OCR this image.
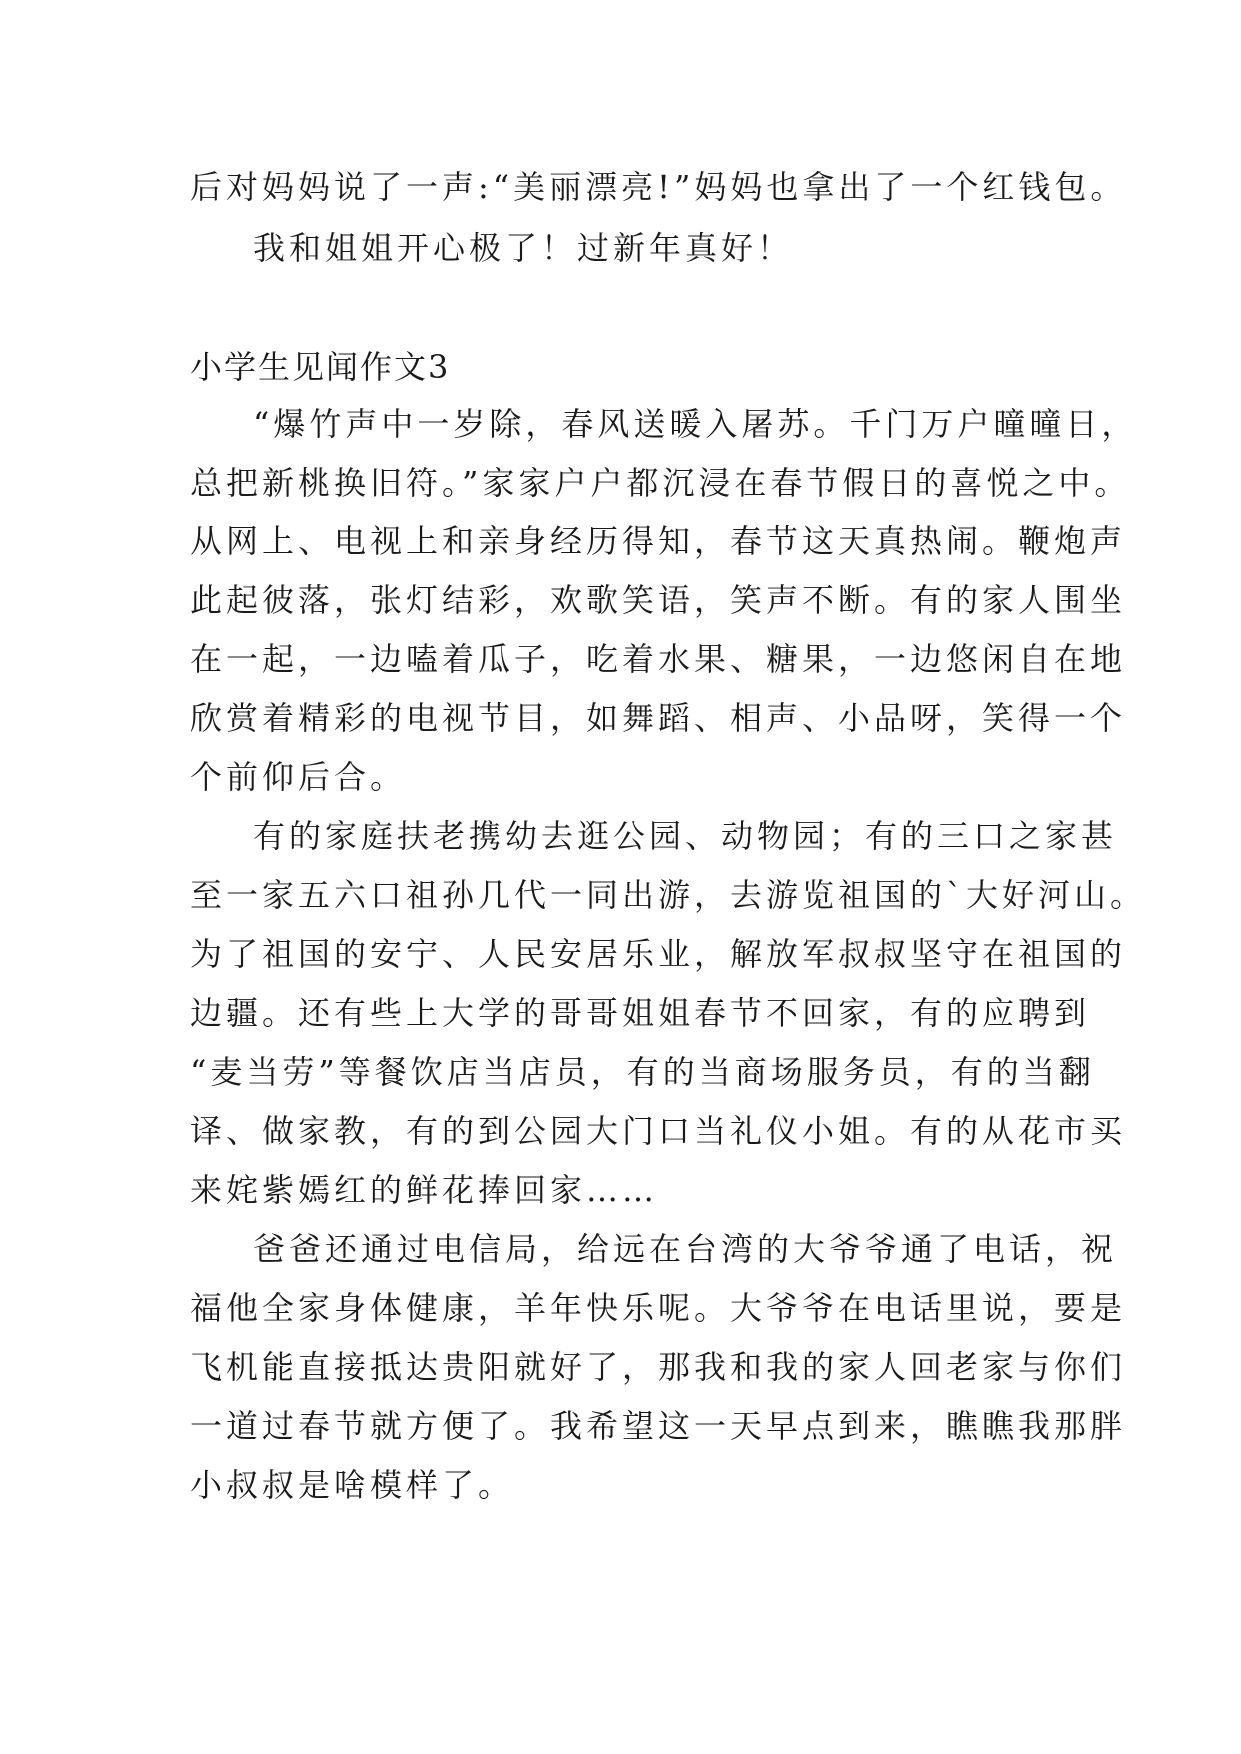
后对妈妈说了一声:“美丽漂亮!”妈妈也拿出了一个红钱包。
我和姐姐开心极了！过新年真好！
小学生见闻作文3
“爆竹声中一岁除，春风送暖入屠苏。千门万户曈曈日，
总把新桃换旧符。”家家户户都沉浸在春节假日的喜悦之中。
从网上、电视上和亲身经历得知，春节这天真热闹。鞭炮声
此起彼落，张灯结彩，欢歌笑语，笑声不断。有的家人围坐
在一起，一边嗑着瓜子，吃着水果、糖果，一边悠闲自在地
欣赏着精彩的电视节目，如舞蹈、相声、小品呀，笑得一个
个前仰后合。
有的家庭扶老携幼去逛公园、动物园；有的三口之家甚
至一家五六口祖孙几代一同出游，去游览祖国的`大好河山。
为了祖国的安宁、人民安居乐业，解放军叔叔坚守在祖国的
边疆。还有些上大学的哥哥姐姐春节不回家，有的应聘到
“麦当劳”等餐饮店当店员，有的当商场服务员，有的当翻
译、做家教，有的到公园大门口当礼仪小姐。有的从花市买
来姹紫嫣红的鲜花捧回家……
爸爸还通过电信局，给远在台湾的大爷爷通了电话，祝
福他全家身体健康，羊年快乐呢。大爷爷在电话里说，要是
飞机能直接抵达贵阳就好了，那我和我的家人回老家与你们
一道过春节就方便了。我希望这一天早点到来，瞧瞧我那胖
小叔叔是啥模样了。
